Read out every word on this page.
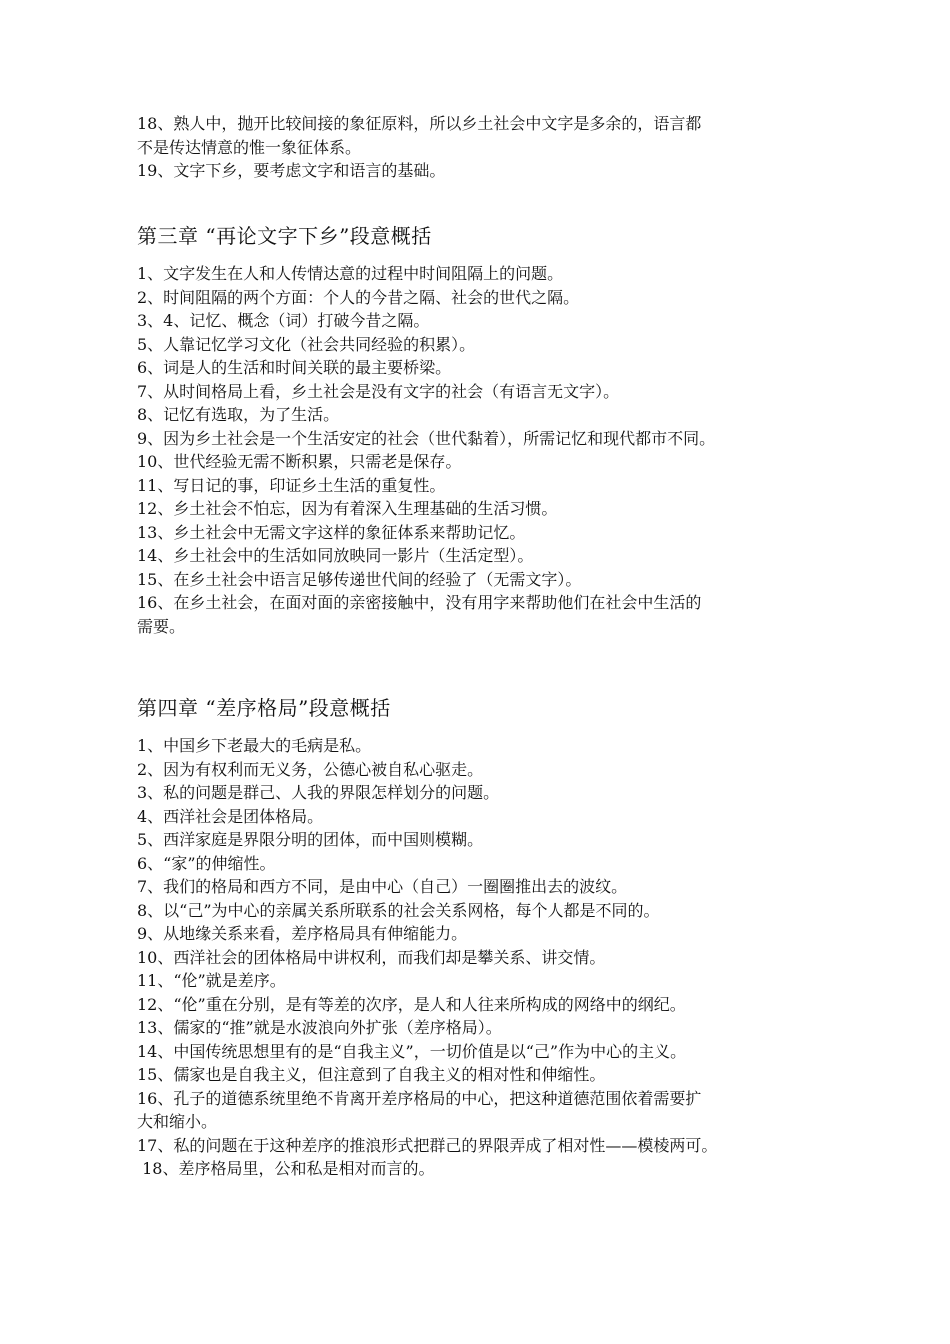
18、熟人中，抛开比较间接的象征原料，所以乡土社会中文字是多余的，语言都
不是传达情意的惟一象征体系。
19、文字下乡，要考虑文字和语言的基础。
第三章 “再论文字下乡”段意概括
1、文字发生在人和人传情达意的过程中时间阻隔上的问题。
2、时间阻隔的两个方面：个人的今昔之隔、社会的世代之隔。
3、4、记忆、概念（词）打破今昔之隔。
5、人靠记忆学习文化（社会共同经验的积累）。
6、词是人的生活和时间关联的最主要桥梁。
7、从时间格局上看，乡土社会是没有文字的社会（有语言无文字）。
8、记忆有选取，为了生活。
9、因为乡土社会是一个生活安定的社会（世代黏着），所需记忆和现代都市不同。
10、世代经验无需不断积累，只需老是保存。
11、写日记的事，印证乡土生活的重复性。
12、乡土社会不怕忘，因为有着深入生理基础的生活习惯。
13、乡土社会中无需文字这样的象征体系来帮助记忆。
14、乡土社会中的生活如同放映同一影片（生活定型）。
15、在乡土社会中语言足够传递世代间的经验了（无需文字）。
16、在乡土社会，在面对面的亲密接触中，没有用字来帮助他们在社会中生活的
需要。
第四章 “差序格局”段意概括
1、中国乡下老最大的毛病是私。
2、因为有权利而无义务，公德心被自私心驱走。
3、私的问题是群己、人我的界限怎样划分的问题。
4、西洋社会是团体格局。
5、西洋家庭是界限分明的团体，而中国则模糊。
6、“家”的伸缩性。
7、我们的格局和西方不同，是由中心（自己）一圈圈推出去的波纹。
8、以“己”为中心的亲属关系所联系的社会关系网格，每个人都是不同的。
9、从地缘关系来看，差序格局具有伸缩能力。
10、西洋社会的团体格局中讲权利，而我们却是攀关系、讲交情。
11、“伦”就是差序。
12、“伦”重在分别，是有等差的次序，是人和人往来所构成的网络中的纲纪。
13、儒家的“推”就是水波浪向外扩张（差序格局）。
14、中国传统思想里有的是“自我主义”，一切价值是以“己”作为中心的主义。
15、儒家也是自我主义，但注意到了自我主义的相对性和伸缩性。
16、孔子的道德系统里绝不肯离开差序格局的中心，把这种道德范围依着需要扩
大和缩小。
17、私的问题在于这种差序的推浪形式把群己的界限弄成了相对性——模棱两可。
18、差序格局里，公和私是相对而言的。
